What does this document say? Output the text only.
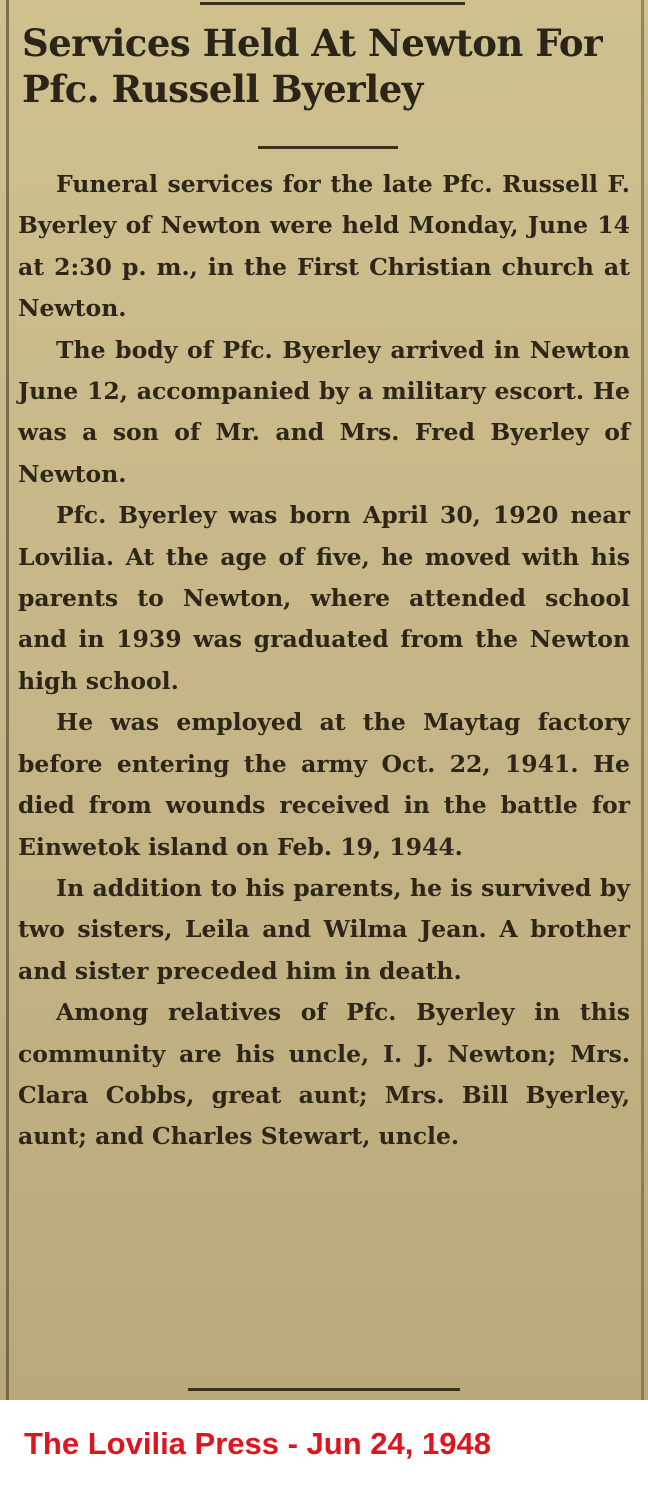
Services Held At Newton For Pfc. Russell Byerley

Funeral services for the late Pfc. Russell F. Byerley of Newton were held Monday, June 14 at 2:30 p. m., in the First Christian church at Newton.

The body of Pfc. Byerley arrived in Newton June 12, accompanied by a military escort. He was a son of Mr. and Mrs. Fred Byerley of Newton.

Pfc. Byerley was born April 30, 1920 near Lovilia. At the age of five, he moved with his parents to Newton, where attended school and in 1939 was graduated from the Newton high school.

He was employed at the Maytag factory before entering the army Oct. 22, 1941. He died from wounds received in the battle for Einwetok island on Feb. 19, 1944.

In addition to his parents, he is survived by two sisters, Leila and Wilma Jean. A brother and sister preceded him in death.

Among relatives of Pfc. Byerley in this community are his uncle, I. J. Newton; Mrs. Clara Cobbs, great aunt; Mrs. Bill Byerley, aunt; and Charles Stewart, uncle.

The Lovilia Press - Jun 24, 1948
